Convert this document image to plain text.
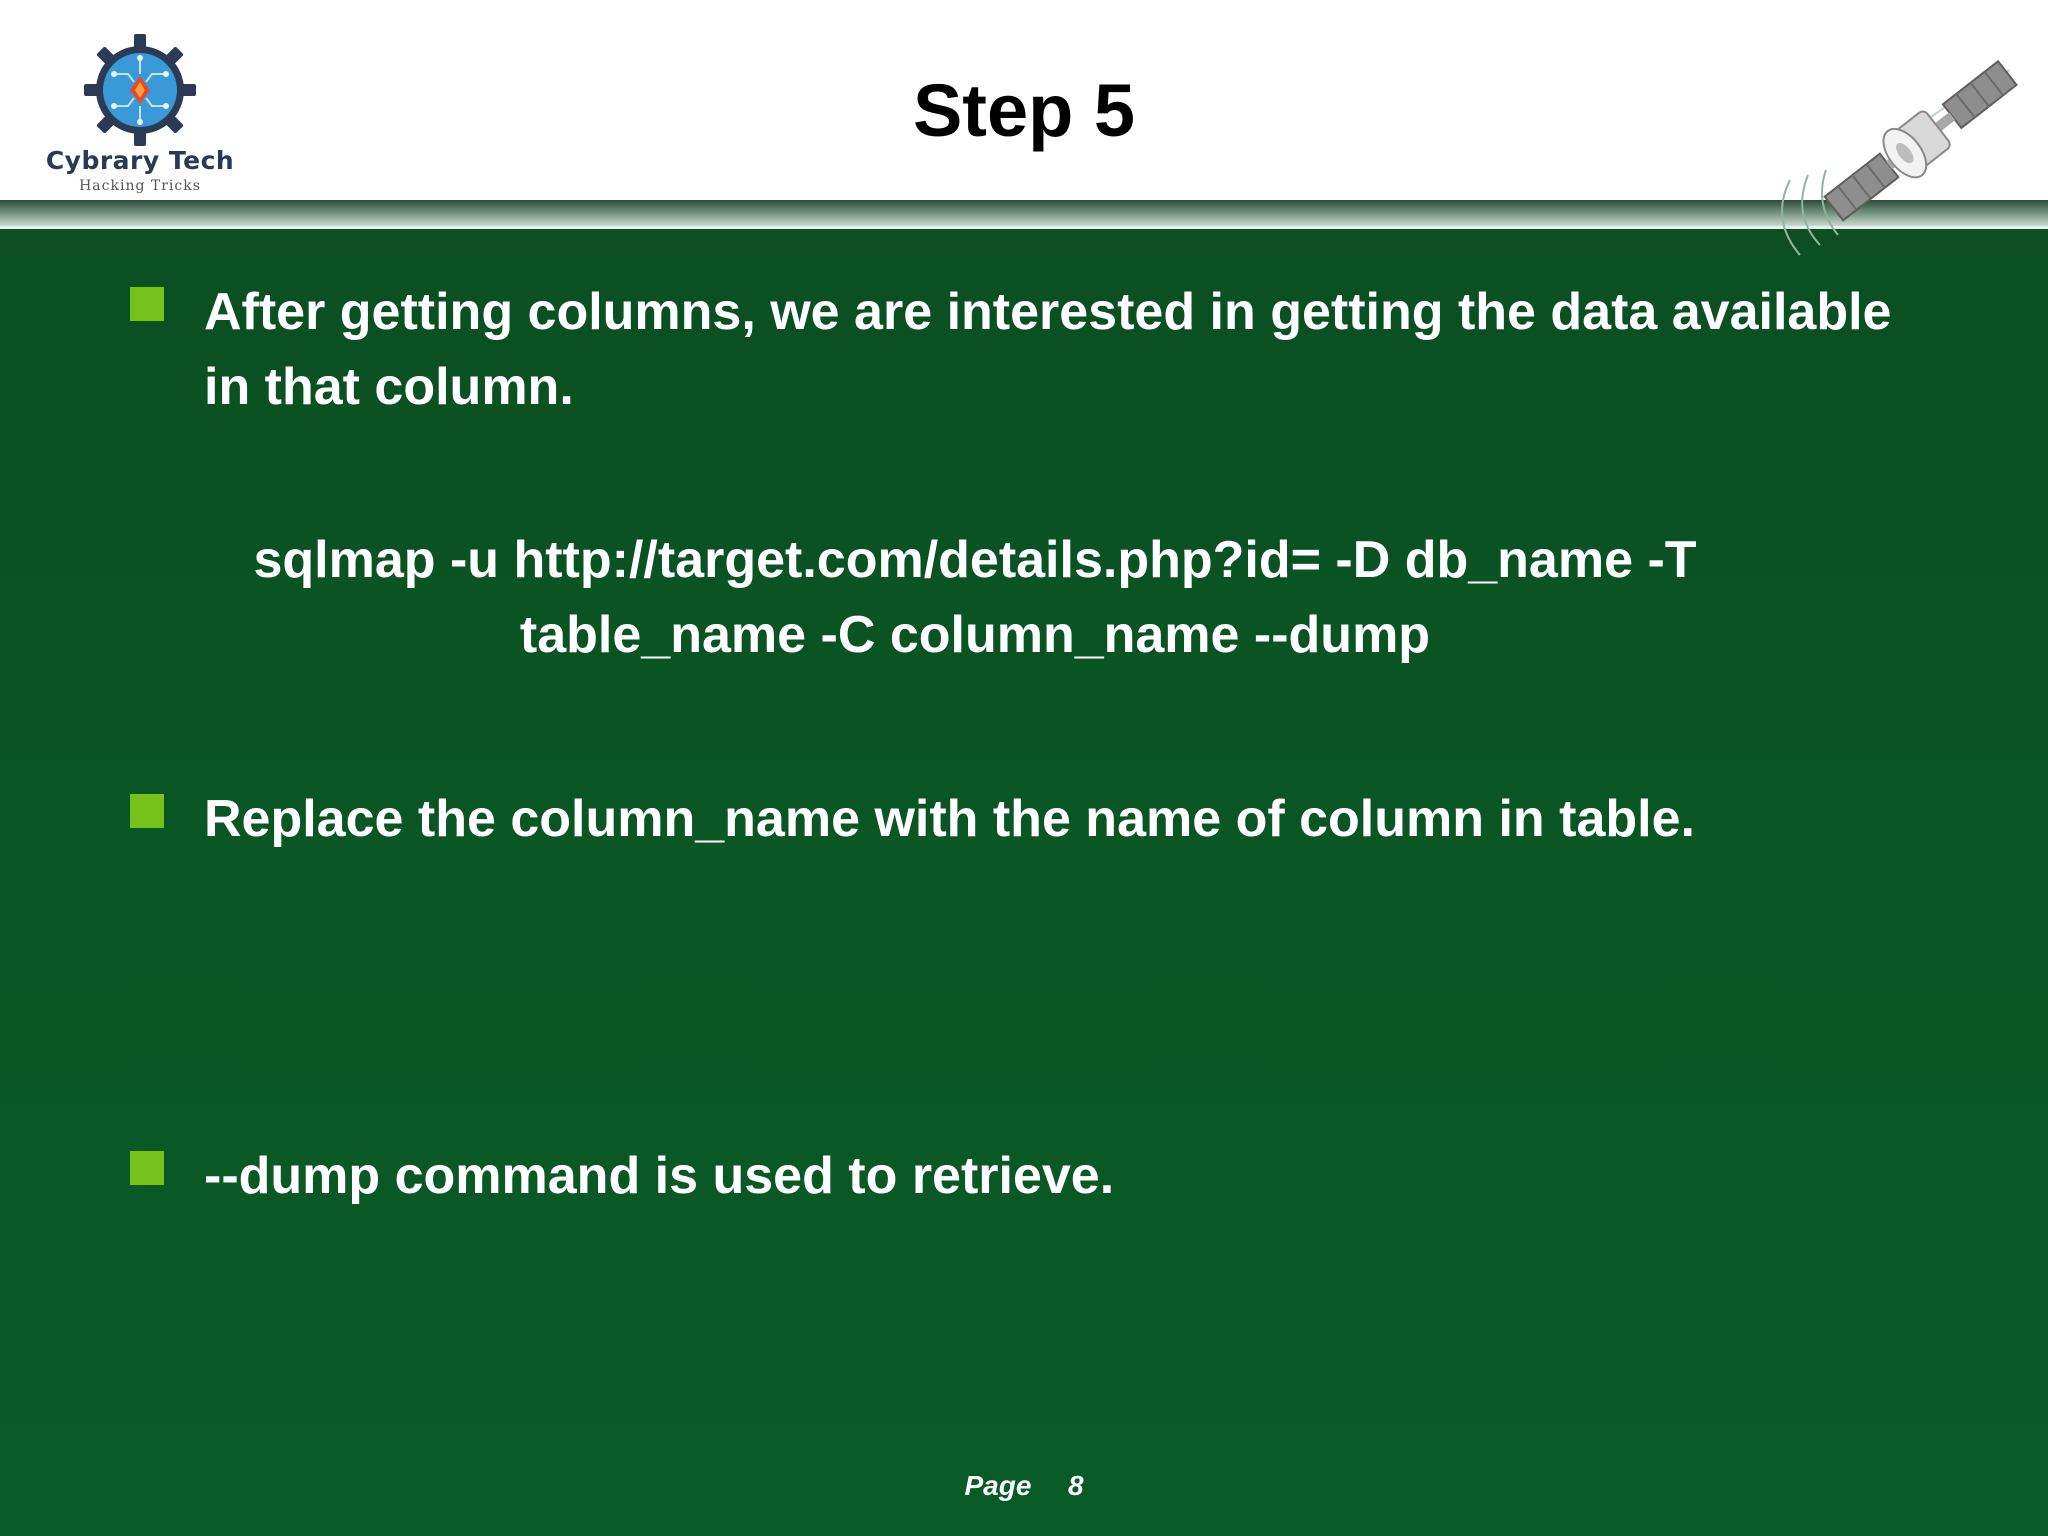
Cybrary Tech
Hacking Tricks
Step 5
After getting columns, we are interested in getting the data available in that column.
sqlmap -u http://target.com/details.php?id= -D db_name -T table_name -C column_name --dump
Replace the column_name with the name of column in table.
--dump command is used to retrieve.
Page 8
